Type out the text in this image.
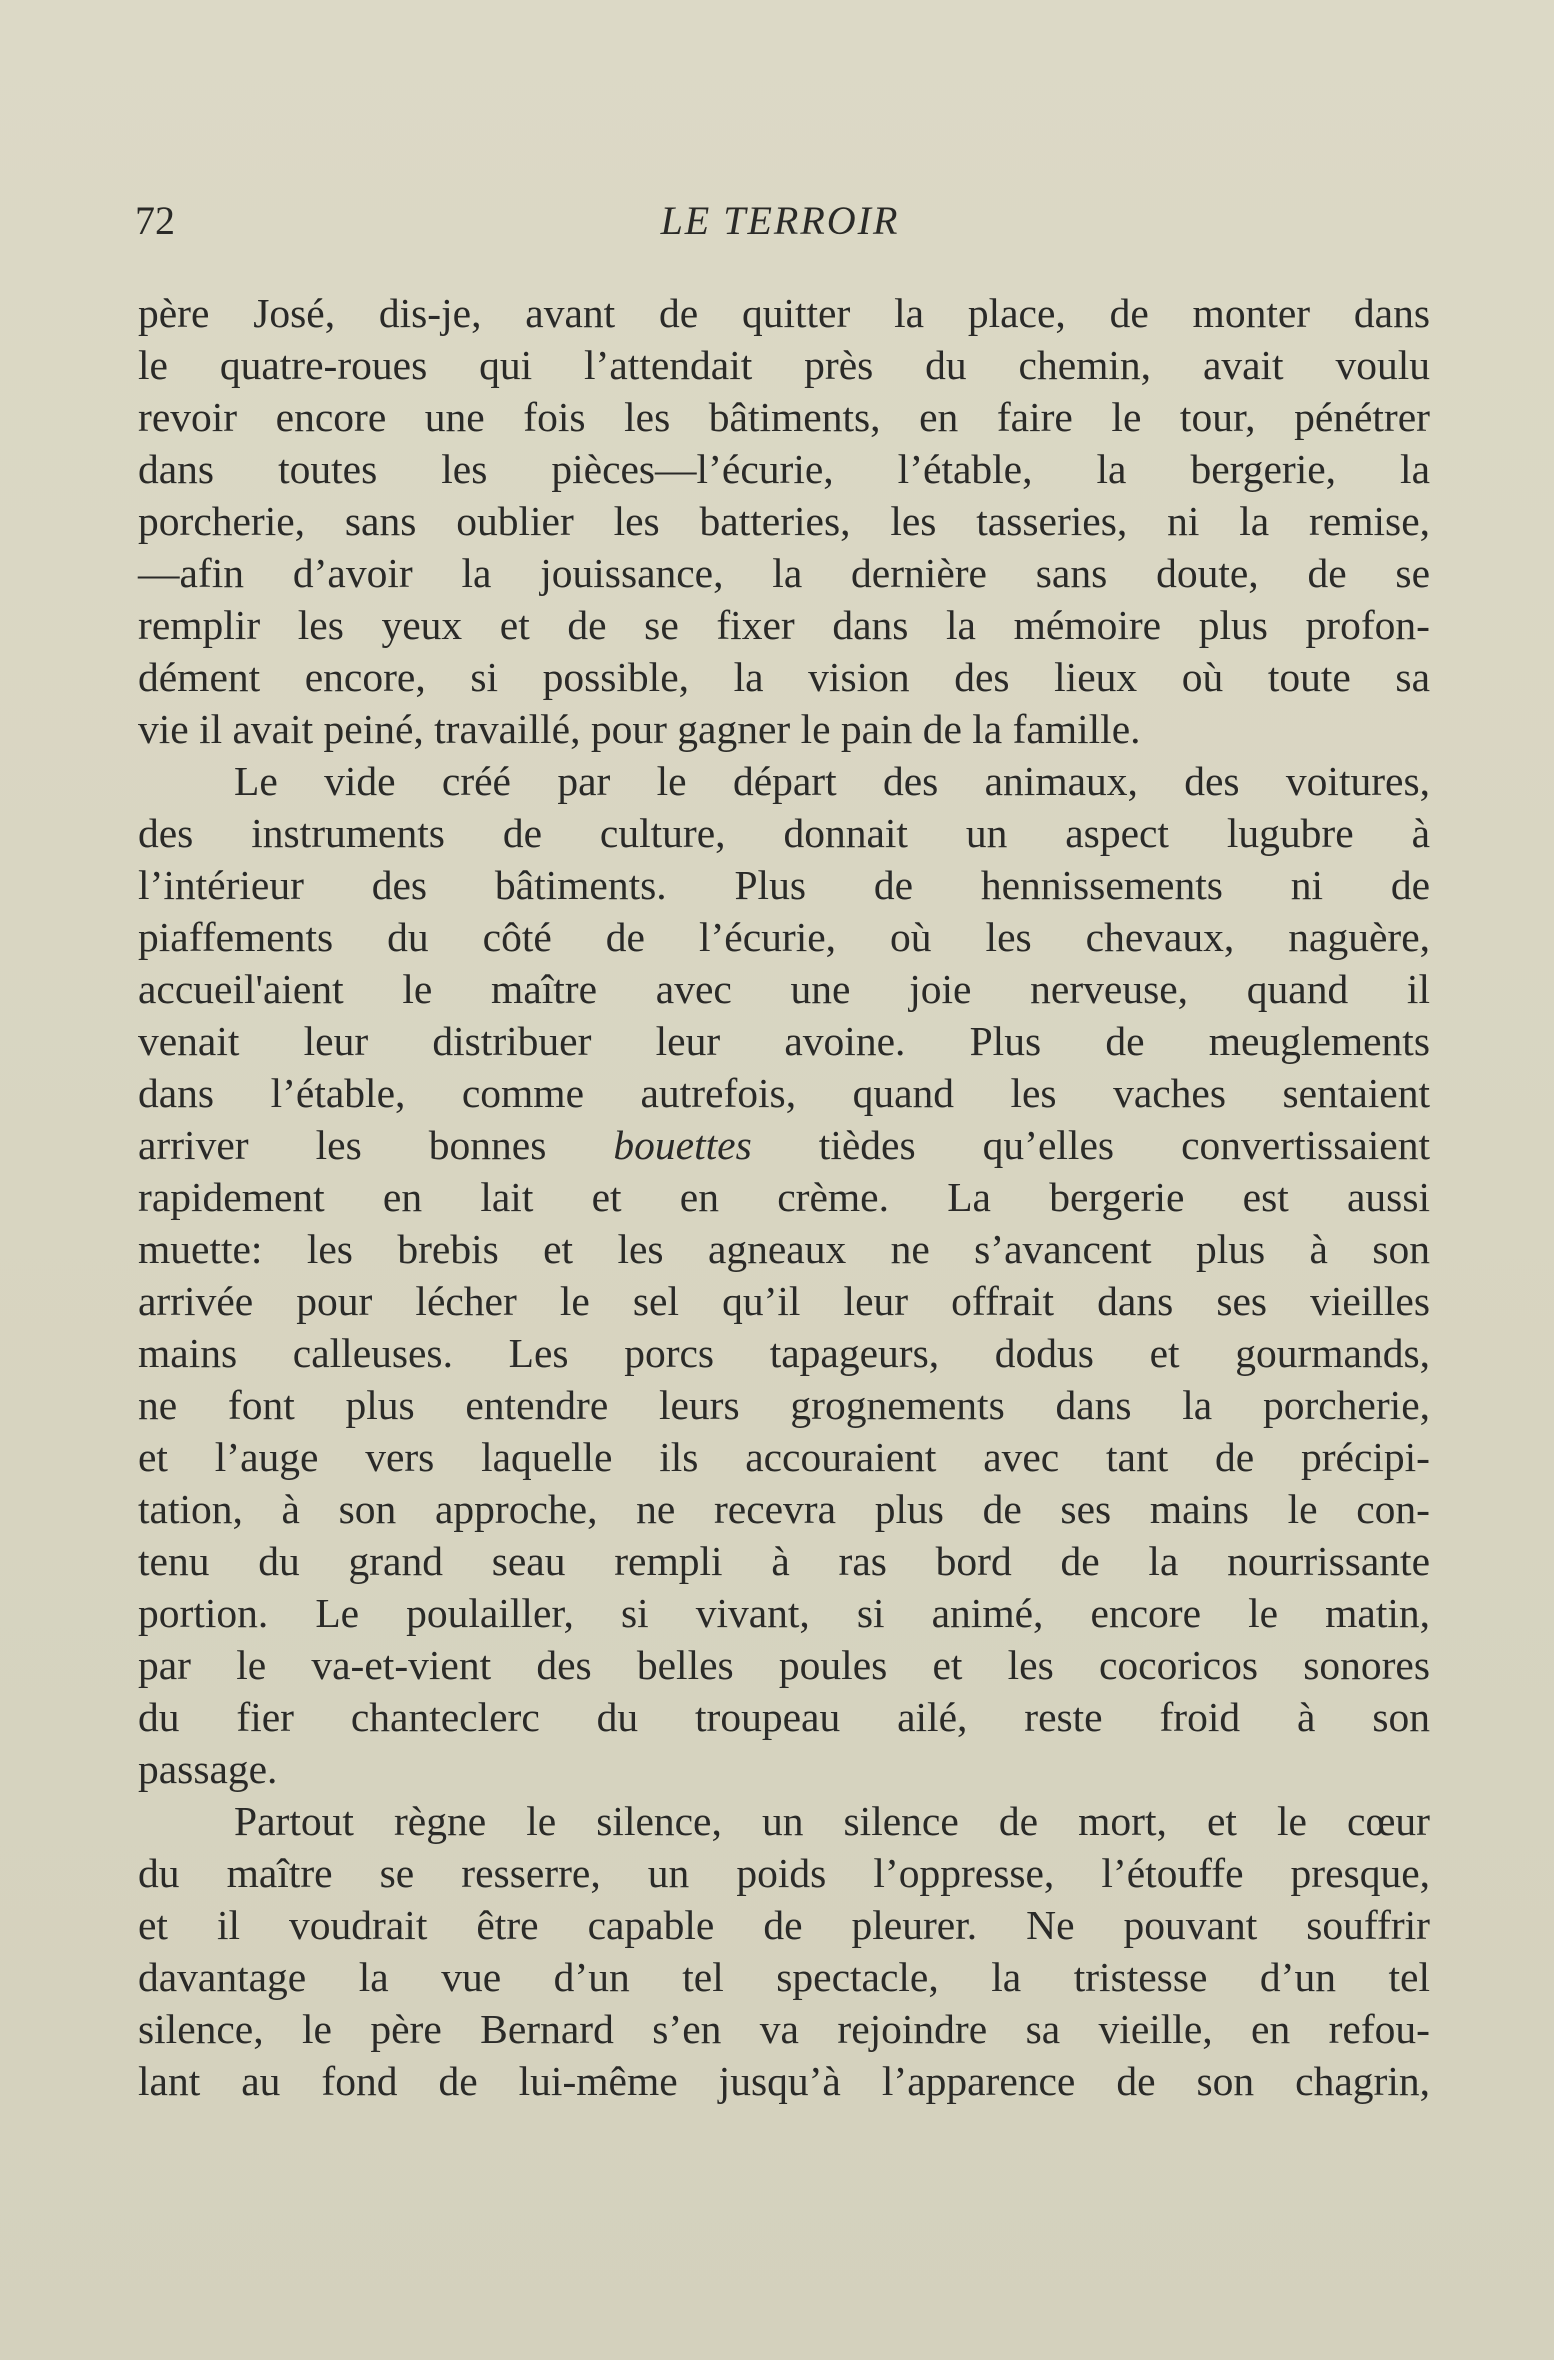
72	LE TERROIR
père José, dis-je, avant de quitter la place, de monter dans
le quatre-roues qui l’attendait près du chemin, avait voulu
revoir encore une fois les bâtiments, en faire le tour, pénétrer
dans toutes les pièces—l’écurie, l’étable, la bergerie, la
porcherie, sans oublier les batteries, les tasseries, ni la remise,
—afin d’avoir la jouissance, la dernière sans doute, de se
remplir les yeux et de se fixer dans la mémoire plus profon-
dément encore, si possible, la vision des lieux où toute sa
vie il avait peiné, travaillé, pour gagner le pain de la famille.
Le vide créé par le départ des animaux, des voitures,
des instruments de culture, donnait un aspect lugubre à
l’intérieur des bâtiments. Plus de hennissements ni de
piaffements du côté de l’écurie, où les chevaux, naguère,
accueil'aient le maître avec une joie nerveuse, quand il
venait leur distribuer leur avoine. Plus de meuglements
dans l’étable, comme autrefois, quand les vaches sentaient
arriver les bonnes bouettes tièdes qu’elles convertissaient
rapidement en lait et en crème. La bergerie est aussi
muette: les brebis et les agneaux ne s’avancent plus à son
arrivée pour lécher le sel qu’il leur offrait dans ses vieilles
mains calleuses. Les porcs tapageurs, dodus et gourmands,
ne font plus entendre leurs grognements dans la porcherie,
et l’auge vers laquelle ils accouraient avec tant de précipi-
tation, à son approche, ne recevra plus de ses mains le con-
tenu du grand seau rempli à ras bord de la nourrissante
portion. Le poulailler, si vivant, si animé, encore le matin,
par le va-et-vient des belles poules et les cocoricos sonores
du fier chanteclerc du troupeau ailé, reste froid à son
passage.
Partout règne le silence, un silence de mort, et le cœur
du maître se resserre, un poids l’oppresse, l’étouffe presque,
et il voudrait être capable de pleurer. Ne pouvant souffrir
davantage la vue d’un tel spectacle, la tristesse d’un tel
silence, le père Bernard s’en va rejoindre sa vieille, en refou-
lant au fond de lui-même jusqu’à l’apparence de son chagrin,
